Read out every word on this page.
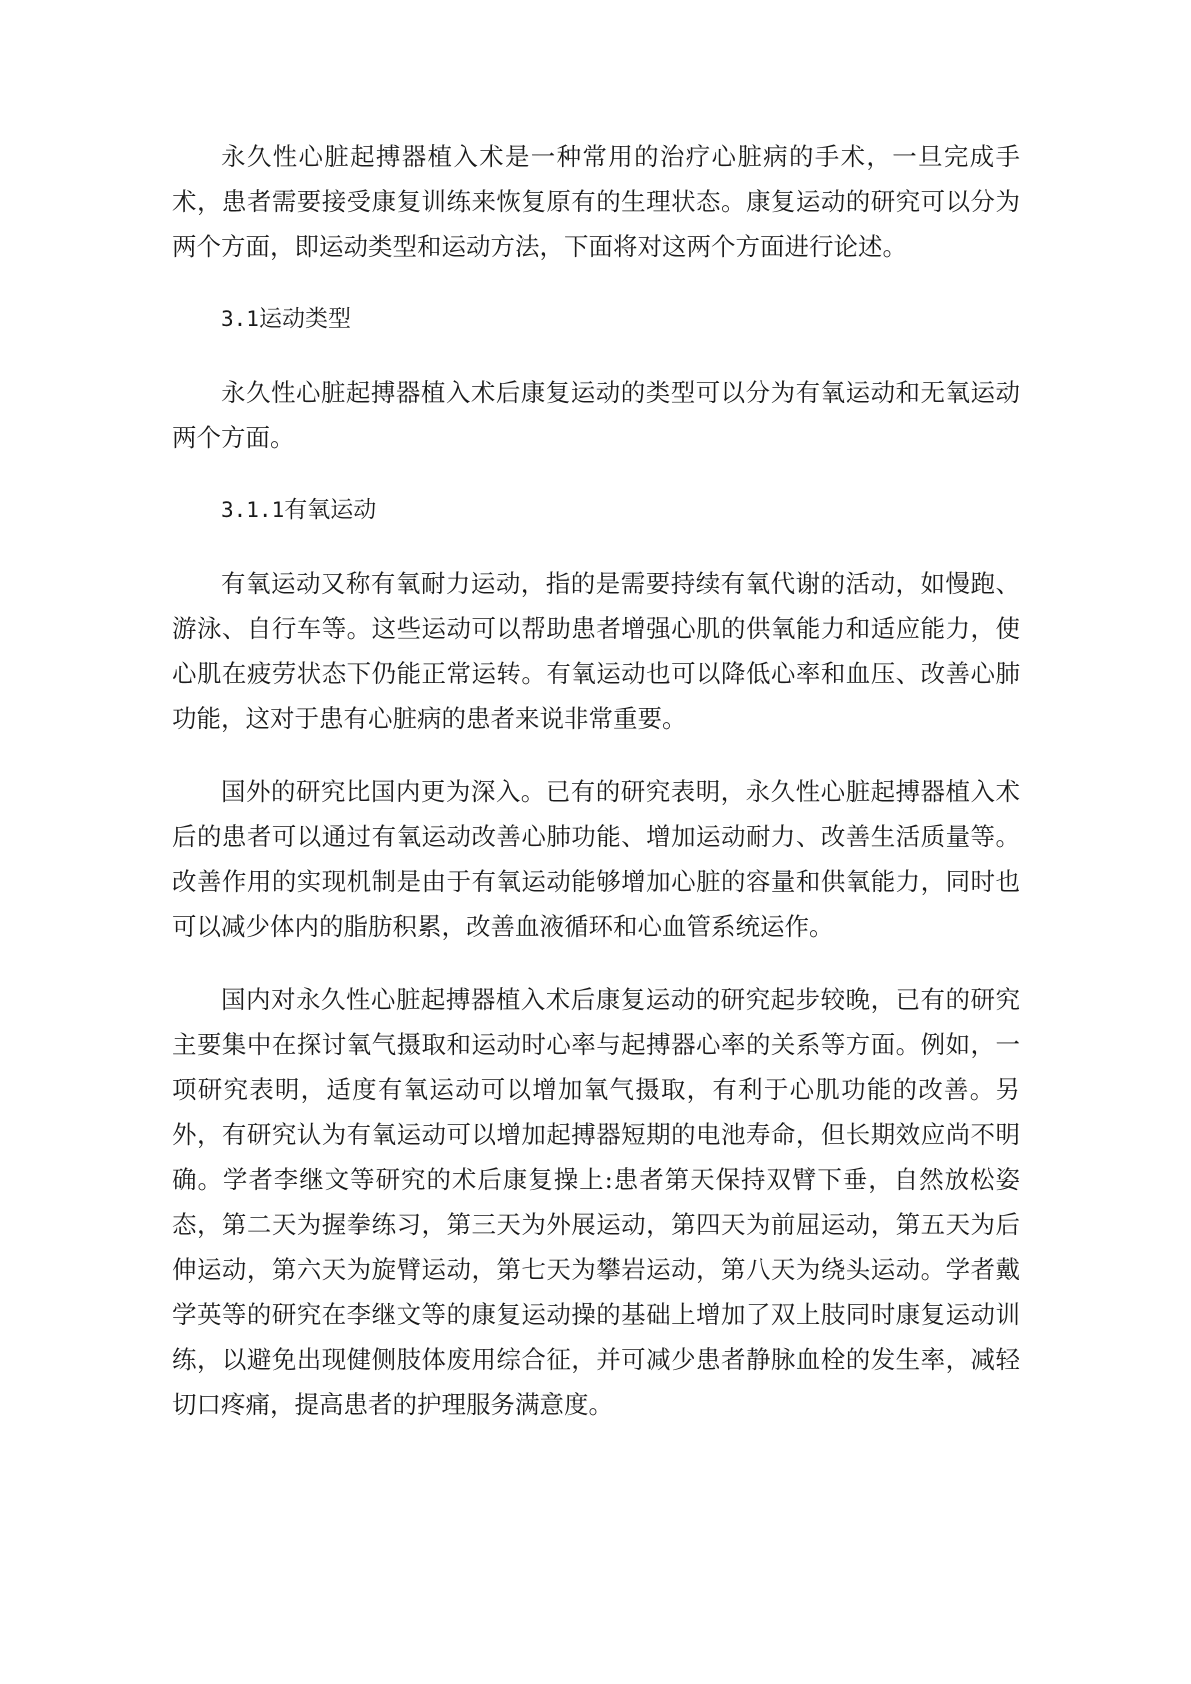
永久性心脏起搏器植入术是一种常用的治疗心脏病的手术，一旦完成手术，患者需要接受康复训练来恢复原有的生理状态。康复运动的研究可以分为两个方面，即运动类型和运动方法，下面将对这两个方面进行论述。

3.1运动类型

永久性心脏起搏器植入术后康复运动的类型可以分为有氧运动和无氧运动两个方面。

3.1.1有氧运动

有氧运动又称有氧耐力运动，指的是需要持续有氧代谢的活动，如慢跑、游泳、自行车等。这些运动可以帮助患者增强心肌的供氧能力和适应能力，使心肌在疲劳状态下仍能正常运转。有氧运动也可以降低心率和血压、改善心肺功能，这对于患有心脏病的患者来说非常重要。

国外的研究比国内更为深入。已有的研究表明，永久性心脏起搏器植入术后的患者可以通过有氧运动改善心肺功能、增加运动耐力、改善生活质量等。改善作用的实现机制是由于有氧运动能够增加心脏的容量和供氧能力，同时也可以减少体内的脂肪积累，改善血液循环和心血管系统运作。

国内对永久性心脏起搏器植入术后康复运动的研究起步较晚，已有的研究主要集中在探讨氧气摄取和运动时心率与起搏器心率的关系等方面。例如，一项研究表明，适度有氧运动可以增加氧气摄取，有利于心肌功能的改善。另外，有研究认为有氧运动可以增加起搏器短期的电池寿命，但长期效应尚不明确。学者李继文等研究的术后康复操上:患者第天保持双臂下垂，自然放松姿态，第二天为握拳练习，第三天为外展运动，第四天为前屈运动，第五天为后伸运动，第六天为旋臂运动，第七天为攀岩运动，第八天为绕头运动。学者戴学英等的研究在李继文等的康复运动操的基础上增加了双上肢同时康复运动训练，以避免出现健侧肢体废用综合征，并可减少患者静脉血栓的发生率，减轻切口疼痛，提高患者的护理服务满意度。
